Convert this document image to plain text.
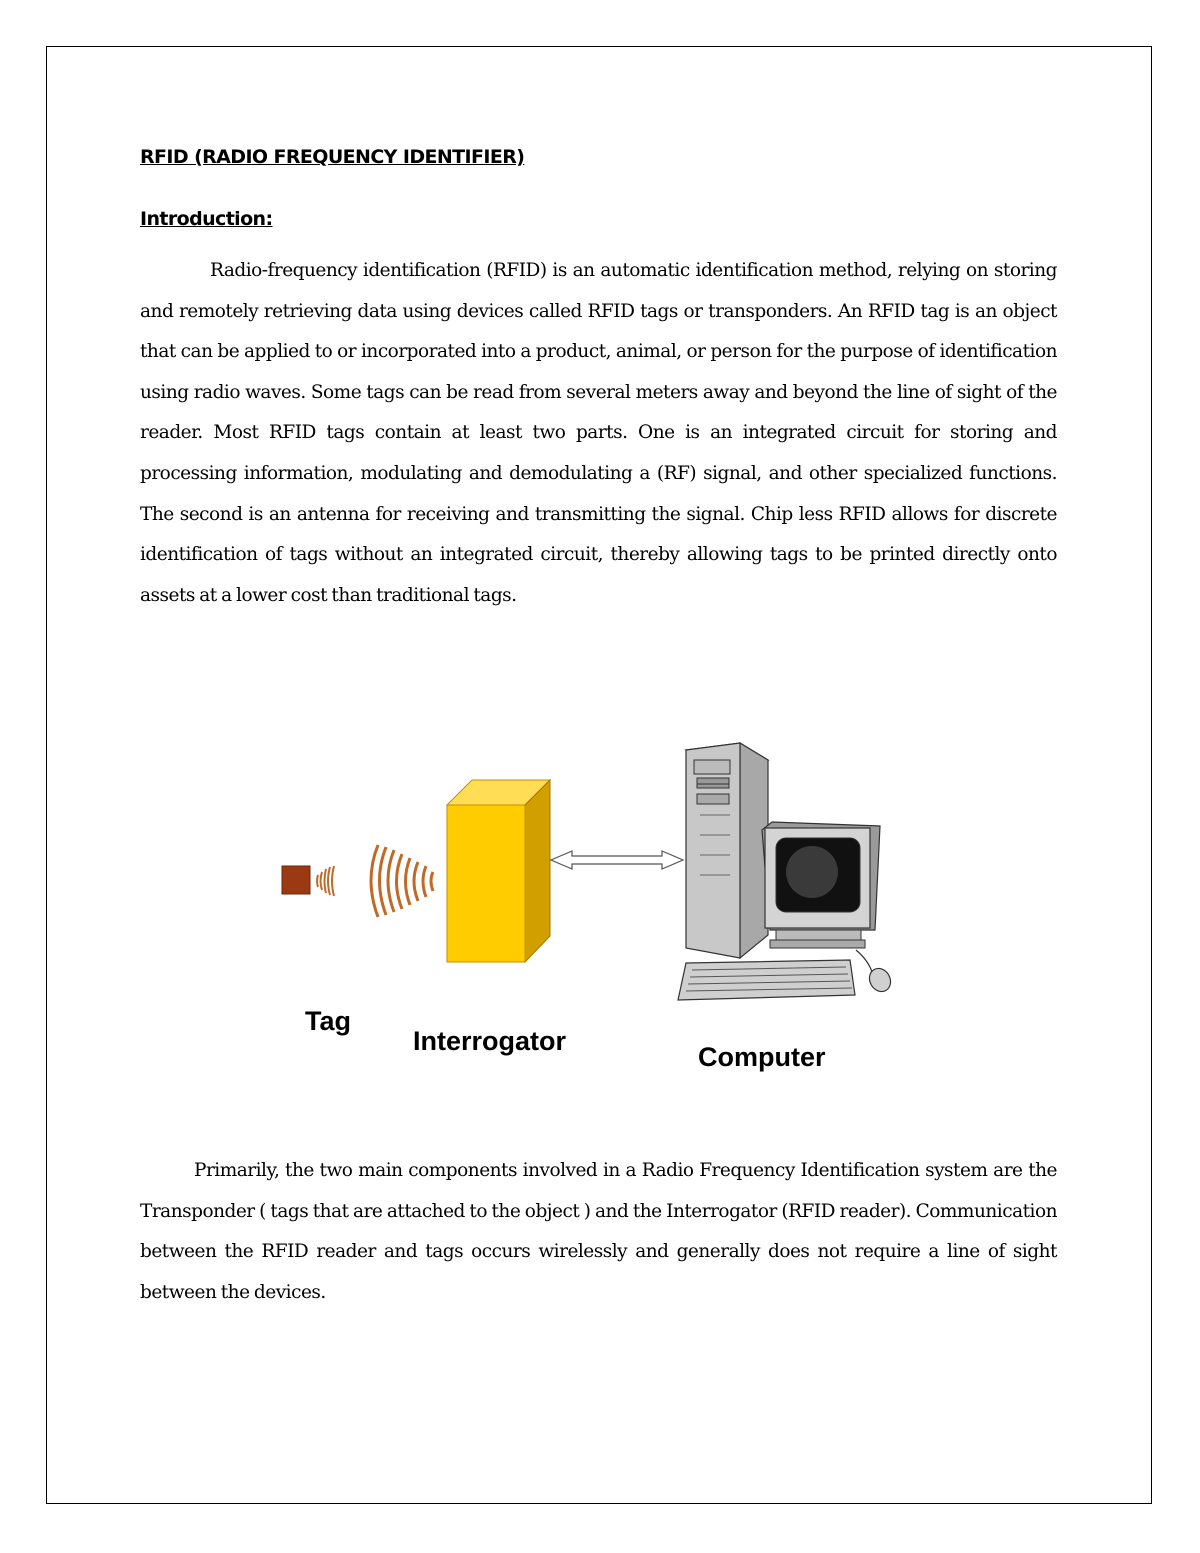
RFID (RADIO FREQUENCY IDENTIFIER)
Introduction:

Radio-frequency identification (RFID) is an automatic identification method, relying on storing and remotely retrieving data using devices called RFID tags or transponders. An RFID tag is an object that can be applied to or incorporated into a product, animal, or person for the purpose of identification using radio waves. Some tags can be read from several meters away and beyond the line of sight of the reader. Most RFID tags contain at least two parts. One is an integrated circuit for storing and processing information, modulating and demodulating a (RF) signal, and other specialized functions. The second is an antenna for receiving and transmitting the signal. Chip less RFID allows for discrete identification of tags without an integrated circuit, thereby allowing tags to be printed directly onto assets at a lower cost than traditional tags.

Tag
Interrogator
Computer

Primarily, the two main components involved in a Radio Frequency Identification system are the Transponder ( tags that are attached to the object ) and the Interrogator (RFID reader). Communication between the RFID reader and tags occurs wirelessly and generally does not require a line of sight between the devices.
